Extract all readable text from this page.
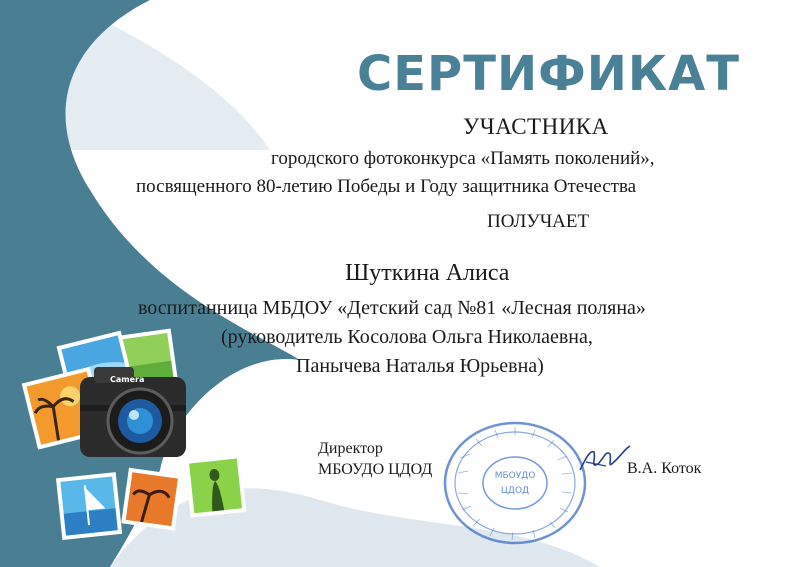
СЕРТИФИКАТ
УЧАСТНИКА
городского фотоконкурса «Память поколений»,
посвященного 80-летию Победы и Году защитника Отечества
ПОЛУЧАЕТ
Шуткина Алиса
воспитанница МБДОУ «Детский сад №81 «Лесная поляна»
(руководитель Косолова Ольга Николаевна,
Панычева Наталья Юрьевна)
Директор
МБОУДО ЦДОД	В.А. Коток
МБОУДО
ЦДОД
Camera
